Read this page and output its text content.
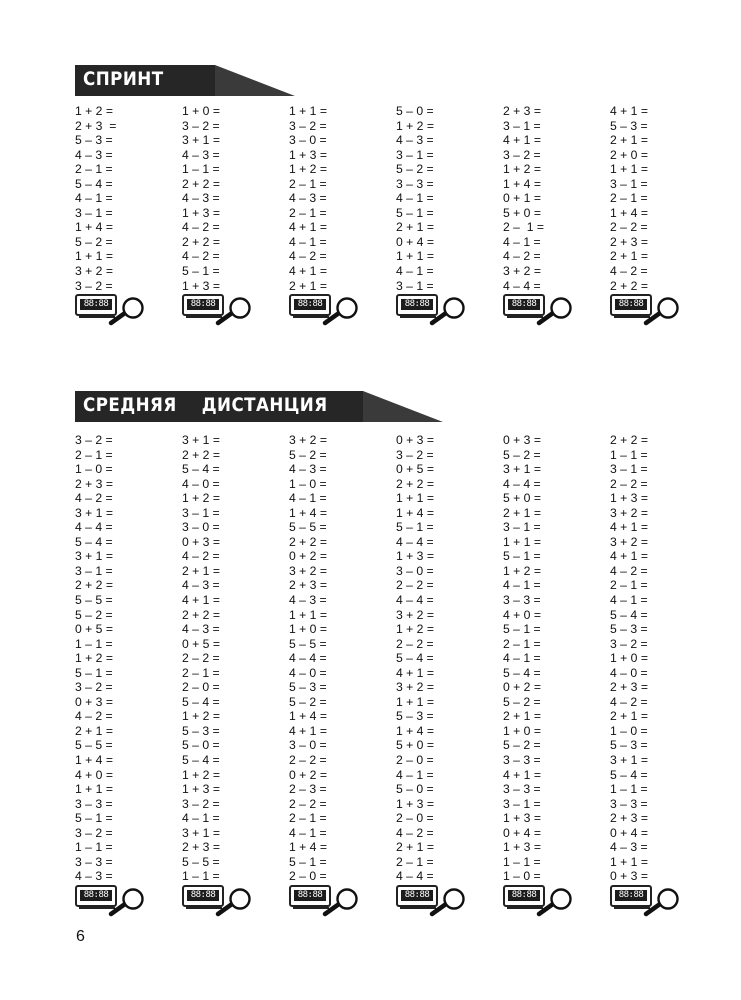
СПРИНТ
1 + 2 =
2 + 3  =
5 – 3 =
4 – 3 =
2 – 1 =
5 – 4 =
4 – 1 =
3 – 1 =
1 + 4 =
5 – 2 =
1 + 1 =
3 + 2 =
3 – 2 =
88:88
1 + 0 =
3 – 2 =
3 + 1 =
4 – 3 =
1 – 1 =
2 + 2 =
4 – 3 =
1 + 3 =
4 – 2 =
2 + 2 =
4 – 2 =
5 – 1 =
1 + 3 =
88:88
1 + 1 =
3 – 2 =
3 – 0 =
1 + 3 =
1 + 2 =
2 – 1 =
4 – 3 =
2 – 1 =
4 + 1 =
4 – 1 =
4 – 2 =
4 + 1 =
2 + 1 =
88:88
5 – 0 =
1 + 2 =
4 – 3 =
3 – 1 =
5 – 2 =
3 – 3 =
4 – 1 =
5 – 1 =
2 + 1 =
0 + 4 =
1 + 1 =
4 – 1 =
3 – 1 =
88:88
2 + 3 =
3 – 1 =
4 + 1 =
3 – 2 =
1 + 2 =
1 + 4 =
0 + 1 =
5 + 0 =
2 –  1 =
4 – 1 =
4 – 2 =
3 + 2 =
4 – 4 =
88:88
4 + 1 =
5 – 3 =
2 + 1 =
2 + 0 =
1 + 1 =
3 – 1 =
2 – 1 =
1 + 4 =
2 – 2 =
2 + 3 =
2 + 1 =
4 – 2 =
2 + 2 =
88:88
СРЕДНЯЯ    ДИСТАНЦИЯ
3 – 2 =
2 – 1 =
1 – 0 =
2 + 3 =
4 – 2 =
3 + 1 =
4 – 4 =
5 – 4 =
3 + 1 =
3 – 1 =
2 + 2 =
5 – 5 =
5 – 2 =
0 + 5 =
1 – 1 =
1 + 2 =
5 – 1 =
3 – 2 =
0 + 3 =
4 – 2 =
2 + 1 =
5 – 5 =
1 + 4 =
4 + 0 =
1 + 1 =
3 – 3 =
5 – 1 =
3 – 2 =
1 – 1 =
3 – 3 =
4 – 3 =
88:88
3 + 1 =
2 + 2 =
5 – 4 =
4 – 0 =
1 + 2 =
3 – 1 =
3 – 0 =
0 + 3 =
4 – 2 =
2 + 1 =
4 – 3 =
4 + 1 =
2 + 2 =
4 – 3 =
0 + 5 =
2 – 2 =
2 – 1 =
2 – 0 =
5 – 4 =
1 + 2 =
5 – 3 =
5 – 0 =
5 – 4 =
1 + 2 =
1 + 3 =
3 – 2 =
4 – 1 =
3 + 1 =
2 + 3 =
5 – 5 =
1 – 1 =
88:88
3 + 2 =
5 – 2 =
4 – 3 =
1 – 0 =
4 – 1 =
1 + 4 =
5 – 5 =
2 + 2 =
0 + 2 =
3 + 2 =
2 + 3 =
4 – 3 =
1 + 1 =
1 + 0 =
5 – 5 =
4 – 4 =
4 – 0 =
5 – 3 =
5 – 2 =
1 + 4 =
4 + 1 =
3 – 0 =
2 – 2 =
0 + 2 =
2 – 3 =
2 – 2 =
2 – 1 =
4 – 1 =
1 + 4 =
5 – 1 =
2 – 0 =
88:88
0 + 3 =
3 – 2 =
0 + 5 =
2 + 2 =
1 + 1 =
1 + 4 =
5 – 1 =
4 – 4 =
1 + 3 =
3 – 0 =
2 – 2 =
4 – 4 =
3 + 2 =
1 + 2 =
2 – 2 =
5 – 4 =
4 + 1 =
3 + 2 =
1 + 1 =
5 – 3 =
1 + 4 =
5 + 0 =
2 – 0 =
4 – 1 =
5 – 0 =
1 + 3 =
2 – 0 =
4 – 2 =
2 + 1 =
2 – 1 =
4 – 4 =
88:88
0 + 3 =
5 – 2 =
3 + 1 =
4 – 4 =
5 + 0 =
2 + 1 =
3 – 1 =
1 + 1 =
5 – 1 =
1 + 2 =
4 – 1 =
3 – 3 =
4 + 0 =
5 – 1 =
2 – 1 =
4 – 1 =
5 – 4 =
0 + 2 =
5 – 2 =
2 + 1 =
1 + 0 =
5 – 2 =
3 – 3 =
4 + 1 =
3 – 3 =
3 – 1 =
1 + 3 =
0 + 4 =
1 + 3 =
1 – 1 =
1 – 0 =
88:88
2 + 2 =
1 – 1 =
3 – 1 =
2 – 2 =
1 + 3 =
3 + 2 =
4 + 1 =
3 + 2 =
4 + 1 =
4 – 2 =
2 – 1 =
4 – 1 =
5 – 4 =
5 – 3 =
3 – 2 =
1 + 0 =
4 – 0 =
2 + 3 =
4 – 2 =
2 + 1 =
1 – 0 =
5 – 3 =
3 + 1 =
5 – 4 =
1 – 1 =
3 – 3 =
2 + 3 =
0 + 4 =
4 – 3 =
1 + 1 =
0 + 3 =
88:88
6
